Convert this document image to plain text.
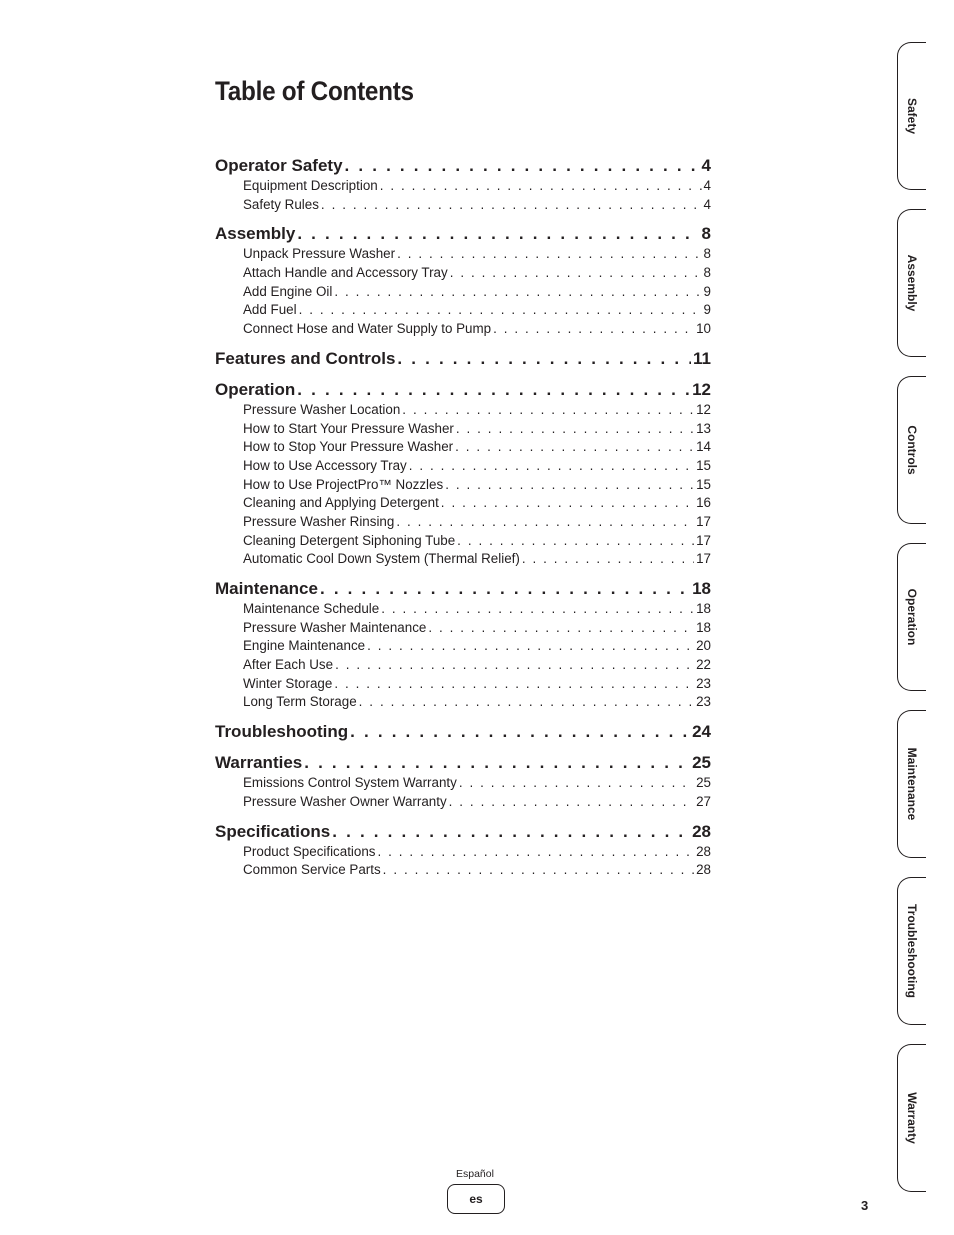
Table of Contents
Operator Safety . . .	4
Equipment Description . . .	4
Safety Rules . . .	4
Assembly . . .	8
Unpack Pressure Washer . . .	8
Attach Handle and Accessory Tray . . .	8
Add Engine Oil . . .	9
Add Fuel . . .	9
Connect Hose and Water Supply to Pump . . .	10
Features and Controls . . .	11
Operation . . .	12
Pressure Washer Location . . .	12
How to Start Your Pressure Washer . . .	13
How to Stop Your Pressure Washer . . .	14
How to Use Accessory Tray . . .	15
How to Use ProjectPro™ Nozzles . . .	15
Cleaning and Applying Detergent . . .	16
Pressure Washer Rinsing . . .	17
Cleaning Detergent Siphoning Tube . . .	17
Automatic Cool Down System (Thermal Relief) . . .	17
Maintenance . . .	18
Maintenance Schedule . . .	18
Pressure Washer Maintenance . . .	18
Engine Maintenance . . .	20
After Each Use . . .	22
Winter Storage . . .	23
Long Term Storage . . .	23
Troubleshooting . . .	24
Warranties . . .	25
Emissions Control System Warranty . . .	25
Pressure Washer Owner Warranty . . .	27
Specifications . . .	28
Product Specifications . . .	28
Common Service Parts . . .	28
Safety
Assembly
Controls
Operation
Maintenance
Troubleshooting
Warranty
Español
es	3
